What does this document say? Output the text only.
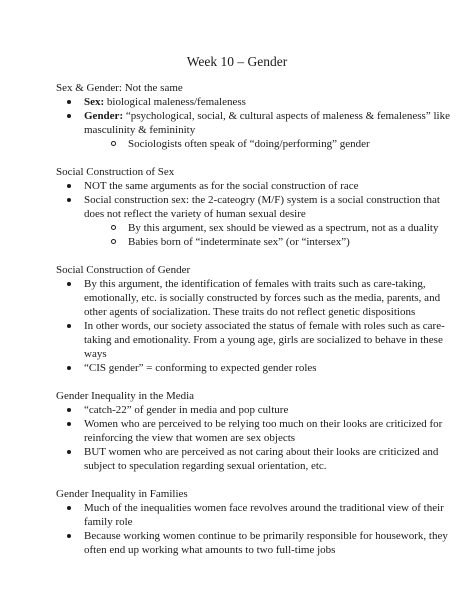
Week 10 – Gender

Sex & Gender: Not the same

Sex: biological maleness/femaleness
Gender: “psychological, social, & cultural aspects of maleness & femaleness” like masculinity & femininity
Sociologists often speak of “doing/performing” gender

Social Construction of Sex

NOT the same arguments as for the social construction of race
Social construction sex: the 2-cateogry (M/F) system is a social construction that does not reflect the variety of human sexual desire
By this argument, sex should be viewed as a spectrum, not as a duality
Babies born of “indeterminate sex” (or “intersex”)

Social Construction of Gender

By this argument, the identification of females with traits such as care-taking, emotionally, etc. is socially constructed by forces such as the media, parents, and other agents of socialization. These traits do not reflect genetic dispositions
In other words, our society associated the status of female with roles such as care-taking and emotionality. From a young age, girls are socialized to behave in these ways
“CIS gender” = conforming to expected gender roles

Gender Inequality in the Media

“catch-22” of gender in media and pop culture
Women who are perceived to be relying too much on their looks are criticized for reinforcing the view that women are sex objects
BUT women who are perceived as not caring about their looks are criticized and subject to speculation regarding sexual orientation, etc.

Gender Inequality in Families

Much of the inequalities women face revolves around the traditional view of their family role
Because working women continue to be primarily responsible for housework, they often end up working what amounts to two full-time jobs
